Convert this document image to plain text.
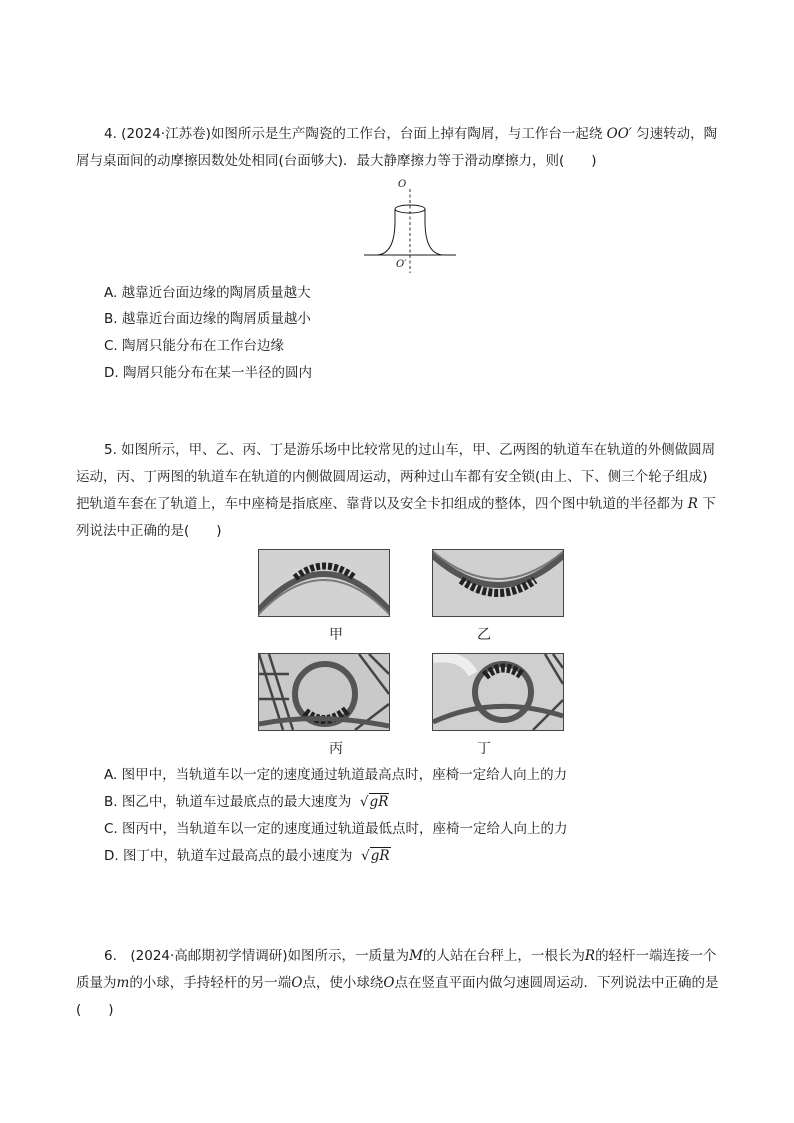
4. (2024·江苏卷)如图所示是生产陶瓷的工作台，台面上掉有陶屑，与工作台一起绕 OO′ 匀速转动，陶屑与桌面间的动摩擦因数处处相同(台面够大)．最大静摩擦力等于滑动摩擦力，则(　　)
O
O′
A. 越靠近台面边缘的陶屑质量越大
B. 越靠近台面边缘的陶屑质量越小
C. 陶屑只能分布在工作台边缘
D. 陶屑只能分布在某一半径的圆内
5. 如图所示，甲、乙、丙、丁是游乐场中比较常见的过山车，甲、乙两图的轨道车在轨道的外侧做圆周运动，丙、丁两图的轨道车在轨道的内侧做圆周运动，两种过山车都有安全锁(由上、下、侧三个轮子组成)把轨道车套在了轨道上，车中座椅是指底座、靠背以及安全卡扣组成的整体，四个图中轨道的半径都为 R 下列说法中正确的是(　　)
甲	乙
丙	丁
A. 图甲中，当轨道车以一定的速度通过轨道最高点时，座椅一定给人向上的力
B. 图乙中，轨道车过最底点的最大速度为  √gR
C. 图丙中，当轨道车以一定的速度通过轨道最低点时，座椅一定给人向上的力
D. 图丁中，轨道车过最高点的最小速度为  √gR
6.　(2024·高邮期初学情调研)如图所示，一质量为M的人站在台秤上，一根长为R的轻杆一端连接一个质量为m的小球，手持轻杆的另一端O点，使小球绕O点在竖直平面内做匀速圆周运动．下列说法中正确的是(　　)
